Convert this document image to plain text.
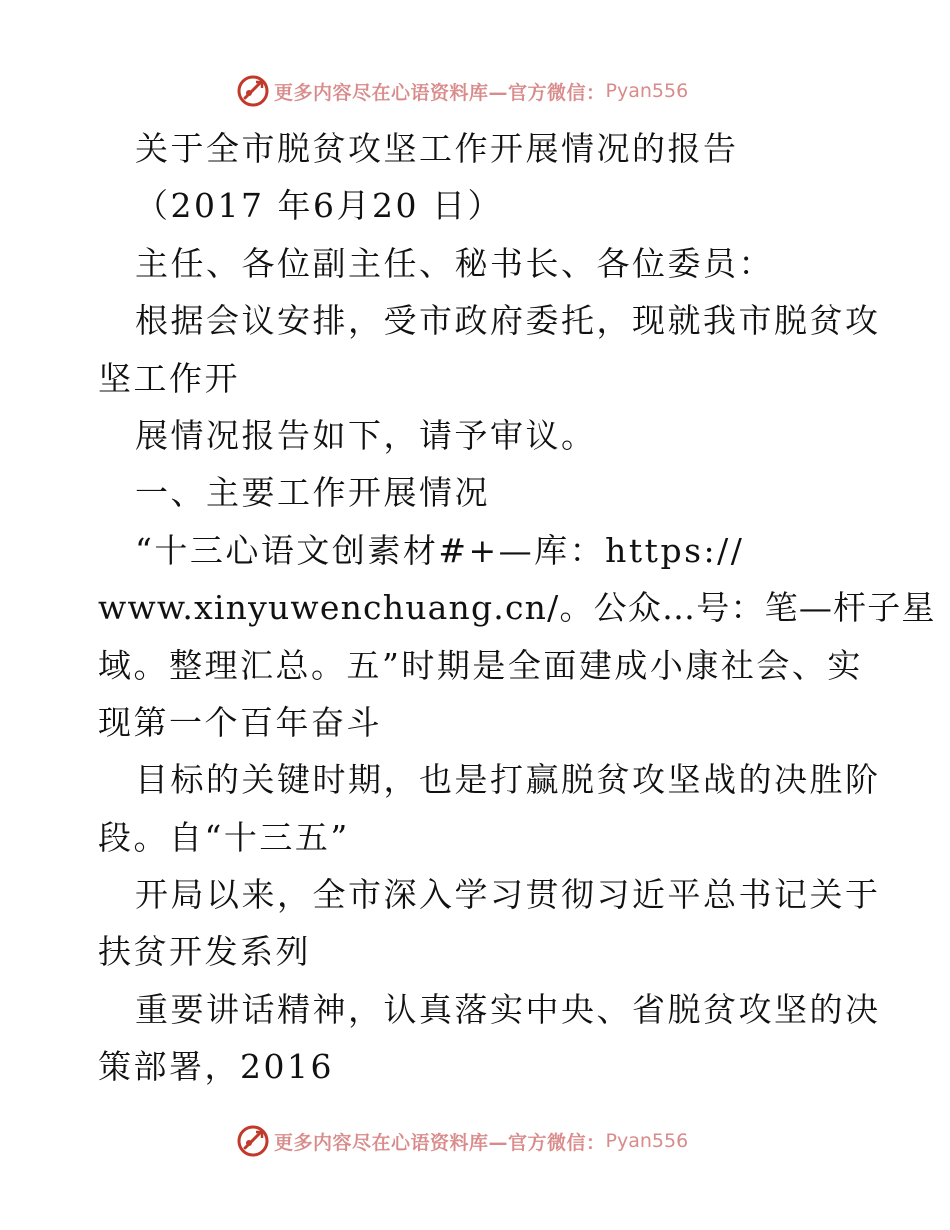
更多内容尽在心语资料库—官方微信： Pyan556
关于全市脱贫攻坚工作开展情况的报告
（2017 年6月20 日）
主任、各位副主任、秘书长、各位委员：
根据会议安排，受市政府委托，现就我市脱贫攻
坚工作开
展情况报告如下，请予审议。
一、主要工作开展情况
“十三心语文创素材#+—库：https://
www.xinyuwenchuang.cn/。公众…号：笔—杆子星
域。整理汇总。五”时期是全面建成小康社会、实
现第一个百年奋斗
目标的关键时期，也是打赢脱贫攻坚战的决胜阶
段。自“十三五”
开局以来，全市深入学习贯彻习近平总书记关于
扶贫开发系列
重要讲话精神，认真落实中央、省脱贫攻坚的决
策部署，2016
更多内容尽在心语资料库—官方微信： Pyan556
